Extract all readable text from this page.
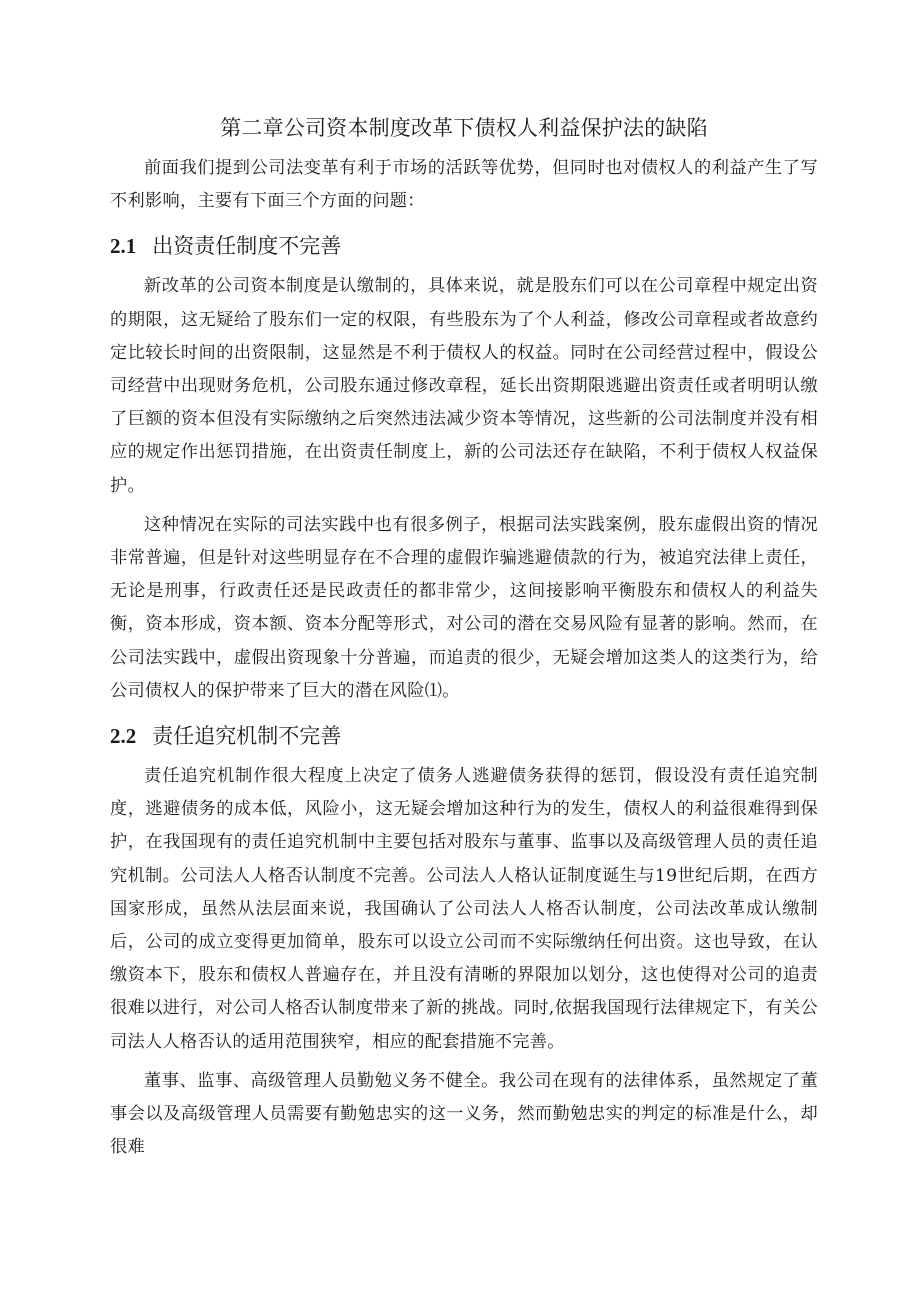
第二章公司资本制度改革下债权人利益保护法的缺陷

前面我们提到公司法变革有利于市场的活跃等优势，但同时也对债权人的利益产生了写不利影响，主要有下面三个方面的问题：

2.1 出资责任制度不完善

新改革的公司资本制度是认缴制的，具体来说，就是股东们可以在公司章程中规定出资的期限，这无疑给了股东们一定的权限，有些股东为了个人利益，修改公司章程或者故意约定比较长时间的出资限制，这显然是不利于债权人的权益。同时在公司经营过程中，假设公司经营中出现财务危机，公司股东通过修改章程，延长出资期限逃避出资责任或者明明认缴了巨额的资本但没有实际缴纳之后突然违法减少资本等情况，这些新的公司法制度并没有相应的规定作出惩罚措施，在出资责任制度上，新的公司法还存在缺陷，不利于债权人权益保护。

这种情况在实际的司法实践中也有很多例子，根据司法实践案例，股东虚假出资的情况非常普遍，但是针对这些明显存在不合理的虚假诈骗逃避债款的行为，被追究法律上责任，无论是刑事，行政责任还是民政责任的都非常少，这间接影响平衡股东和债权人的利益失衡，资本形成，资本额、资本分配等形式，对公司的潜在交易风险有显著的影响。然而，在公司法实践中，虚假出资现象十分普遍，而追责的很少，无疑会增加这类人的这类行为，给公司债权人的保护带来了巨大的潜在风险⑴。

2.2 责任追究机制不完善

责任追究机制作很大程度上决定了债务人逃避债务获得的惩罚，假设没有责任追究制度，逃避债务的成本低，风险小，这无疑会增加这种行为的发生，债权人的利益很难得到保护，在我国现有的责任追究机制中主要包括对股东与董事、监事以及高级管理人员的责任追究机制。公司法人人格否认制度不完善。公司法人人格认证制度诞生与19世纪后期，在西方国家形成，虽然从法层面来说，我国确认了公司法人人格否认制度，公司法改革成认缴制后，公司的成立变得更加简单，股东可以设立公司而不实际缴纳任何出资。这也导致，在认缴资本下，股东和债权人普遍存在，并且没有清晰的界限加以划分，这也使得对公司的追责很难以进行，对公司人格否认制度带来了新的挑战。同时,依据我国现行法律规定下，有关公司法人人格否认的适用范围狭窄，相应的配套措施不完善。

董事、监事、高级管理人员勤勉义务不健全。我公司在现有的法律体系，虽然规定了董事会以及高级管理人员需要有勤勉忠实的这一义务，然而勤勉忠实的判定的标准是什么，却很难
